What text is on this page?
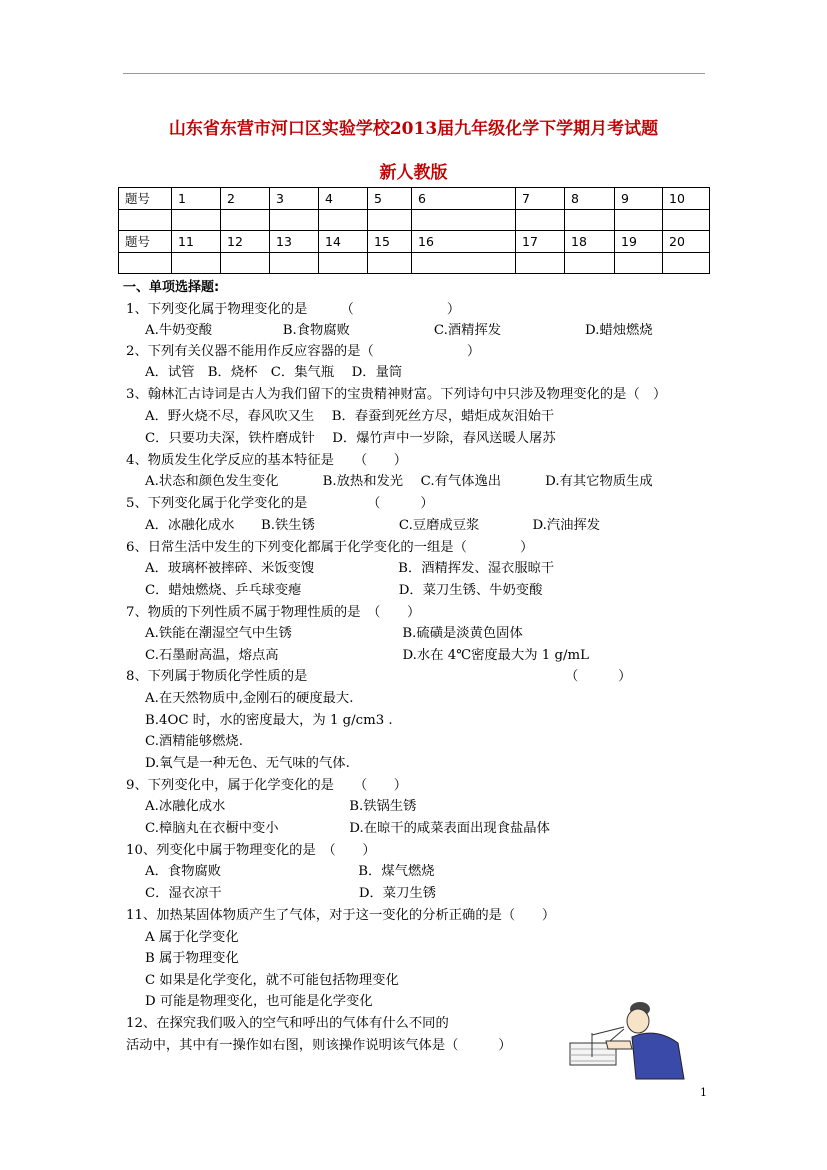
山东省东营市河口区实验学校2013届九年级化学下学期月考试题
新人教版
题号	1	2	3	4	5	6	7	8	9	10

题号	11	12	13	14	15	16	17	18	19	20

一、单项选择题:
1、下列变化属于物理变化的是　　　（　　　　　　　）
A.牛奶变酸　　　　　 B.食物腐败　　　　　　 C.酒精挥发　　　　　　 D.蜡烛燃烧
2、下列有关仪器不能用作反应容器的是（　　　　　　　）
A．试管　B．烧杯　C．集气瓶　 D．量筒
3、翰林汇古诗词是古人为我们留下的宝贵精神财富。下列诗句中只涉及物理变化的是（　）
A．野火烧不尽，春风吹又生　 B．春蚕到死丝方尽，蜡炬成灰泪始干
C．只要功夫深，铁杵磨成针　 D．爆竹声中一岁除，春风送暖人屠苏
4、物质发生化学反应的基本特征是　　（　　）
A.状态和颜色发生变化　　　 B.放热和发光　 C.有气体逸出　　　 D.有其它物质生成
5、下列变化属于化学变化的是　　　　　（　　　）
A．冰融化成水　　B.铁生锈　　　　　　 C.豆磨成豆浆　　　　D.汽油挥发
6、日常生活中发生的下列变化都属于化学变化的一组是（　　　　）
A．玻璃杯被摔碎、米饭变馊　　　　　　 B．酒精挥发、湿衣服晾干
C．蜡烛燃烧、乒乓球变瘪　　　　　　　 D．菜刀生锈、牛奶变酸
7、物质的下列性质不属于物理性质的是　（　　）
A.铁能在潮湿空气中生锈　　　　　　　　 B.硫磺是淡黄色固体
C.石墨耐高温，熔点高　　　　　　　　　 D.水在 4℃密度最大为 1 g/mL
8、下列属于物质化学性质的是	（　　　）
A.在天然物质中,金刚石的硬度最大.
B.4OC 时，水的密度最大，为 1 g/cm3 .
C.酒精能够燃烧.
D.氧气是一种无色、无气味的气体.
9、下列变化中，属于化学变化的是　　（　　）
A.冰融化成水　　　　　　　　　 B.铁锅生锈
C.樟脑丸在衣橱中变小　　　　　 D.在晾干的咸菜表面出现食盐晶体
10、列变化中属于物理变化的是　（　　）
A．食物腐败　　　　　　　　　　 B．煤气燃烧
C．湿衣凉干　　　　　　　　　　 D．菜刀生锈
11、加热某固体物质产生了气体，对于这一变化的分析正确的是（　　）
A 属于化学变化
B 属于物理变化
C 如果是化学变化，就不可能包括物理变化
D 可能是物理变化，也可能是化学变化
12、在探究我们吸入的空气和呼出的气体有什么不同的
活动中，其中有一操作如右图，则该操作说明该气体是（　　　）
1
